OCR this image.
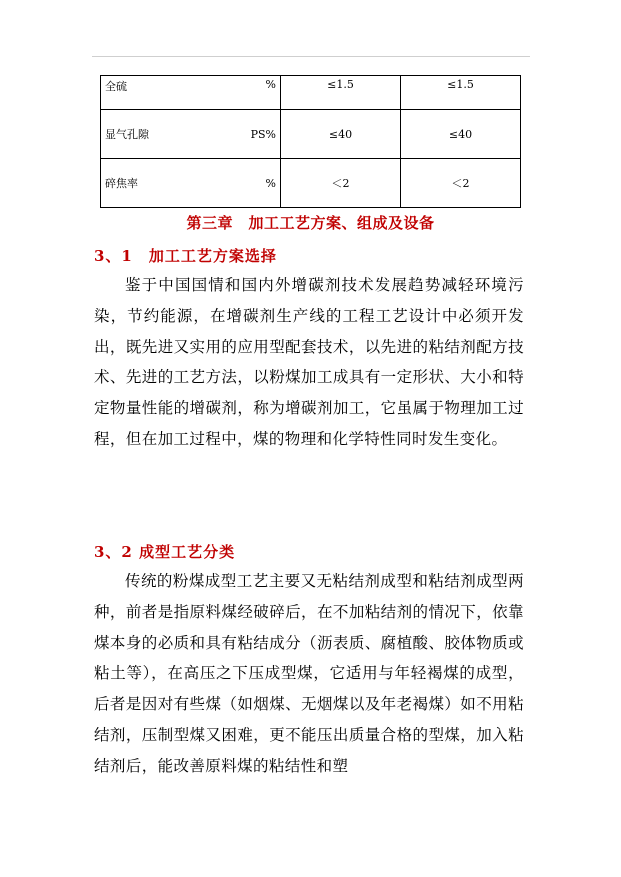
全硫	%	≤1.5	≤1.5
显气孔隙	PS%	≤40	≤40
碎焦率	%	＜2	＜2
第三章　加工工艺方案、组成及设备
3、1　加工工艺方案选择

鉴于中国国情和国内外增碳剂技术发展趋势减轻环境污染，节约能源，在增碳剂生产线的工程工艺设计中必须开发出，既先进又实用的应用型配套技术，以先进的粘结剂配方技术、先进的工艺方法，以粉煤加工成具有一定形状、大小和特定物量性能的增碳剂，称为增碳剂加工，它虽属于物理加工过程，但在加工过程中，煤的物理和化学特性同时发生变化。

3、2 成型工艺分类

传统的粉煤成型工艺主要又无粘结剂成型和粘结剂成型两种，前者是指原料煤经破碎后，在不加粘结剂的情况下，依靠煤本身的必质和具有粘结成分（沥表质、腐植酸、胶体物质或粘土等），在高压之下压成型煤，它适用与年轻褐煤的成型，后者是因对有些煤（如烟煤、无烟煤以及年老褐煤）如不用粘结剂，压制型煤又困难，更不能压出质量合格的型煤，加入粘结剂后，能改善原料煤的粘结性和塑
